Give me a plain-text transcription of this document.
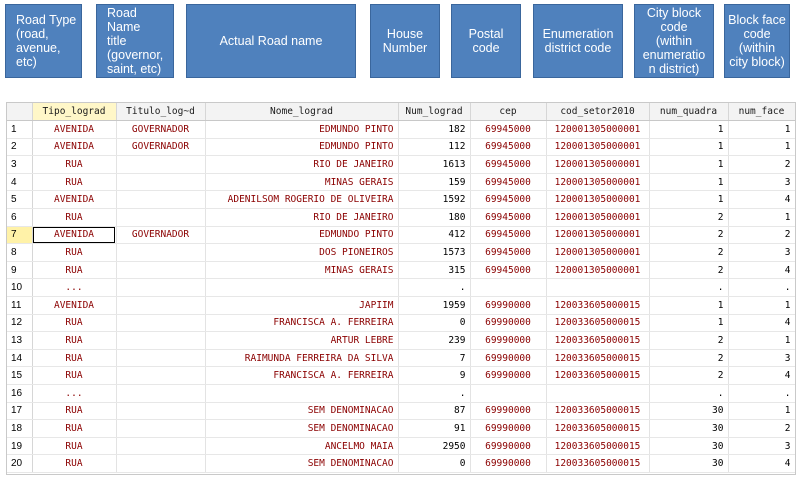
Road Type
(road,
avenue,
etc)
Road Name
title
(governor,
saint, etc)
Actual Road name	House
Number
Postal
code
Enumeration
district code
City block
code
(within
enumeratio
n district)
Block face
code
(within
city block)
	Tipo_lograd	Titulo_log~d	Nome_lograd	Num_lograd	cep	cod_setor2010	num_quadra	num_face
1	AVENIDA	GOVERNADOR	EDMUNDO PINTO	182	69945000	120001305000001	1	1
2	AVENIDA	GOVERNADOR	EDMUNDO PINTO	112	69945000	120001305000001	1	1
3	RUA		RIO DE JANEIRO	1613	69945000	120001305000001	1	2
4	RUA		MINAS GERAIS	159	69945000	120001305000001	1	3
5	AVENIDA		ADENILSOM ROGERIO DE OLIVEIRA	1592	69945000	120001305000001	1	4
6	RUA		RIO DE JANEIRO	180	69945000	120001305000001	2	1
7	AVENIDA	GOVERNADOR	EDMUNDO PINTO	412	69945000	120001305000001	2	2
8	RUA		DOS PIONEIROS	1573	69945000	120001305000001	2	3
9	RUA		MINAS GERAIS	315	69945000	120001305000001	2	4
10	...			.			.	.
11	AVENIDA		JAPIIM	1959	69990000	120033605000015	1	1
12	RUA		FRANCISCA A. FERREIRA	0	69990000	120033605000015	1	4
13	RUA		ARTUR LEBRE	239	69990000	120033605000015	2	1
14	RUA		RAIMUNDA FERREIRA DA SILVA	7	69990000	120033605000015	2	3
15	RUA		FRANCISCA A. FERREIRA	9	69990000	120033605000015	2	4
16	...			.			.	.
17	RUA		SEM DENOMINACAO	87	69990000	120033605000015	30	1
18	RUA		SEM DENOMINACAO	91	69990000	120033605000015	30	2
19	RUA		ANCELMO MAIA	2950	69990000	120033605000015	30	3
20	RUA		SEM DENOMINACAO	0	69990000	120033605000015	30	4
